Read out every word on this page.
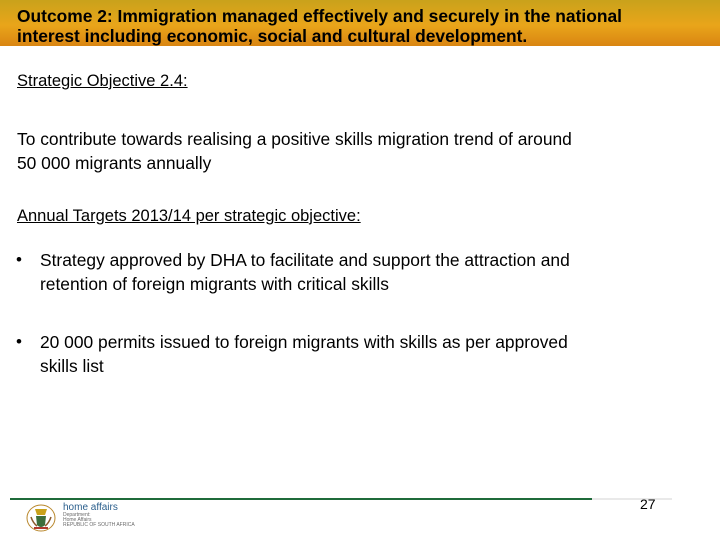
Outcome 2: Immigration managed effectively and securely in the national
interest including economic, social and cultural development.
Strategic Objective 2.4:

To contribute towards realising a positive skills migration trend of around
50 000 migrants annually

Annual Targets 2013/14 per strategic objective:
• Strategy approved by DHA to facilitate and support the attraction and
retention of foreign migrants with critical skills
• 20 000 permits issued to foreign migrants with skills as per approved
skills list
27
home affairs
Department:
Home Affairs
REPUBLIC OF SOUTH AFRICA
